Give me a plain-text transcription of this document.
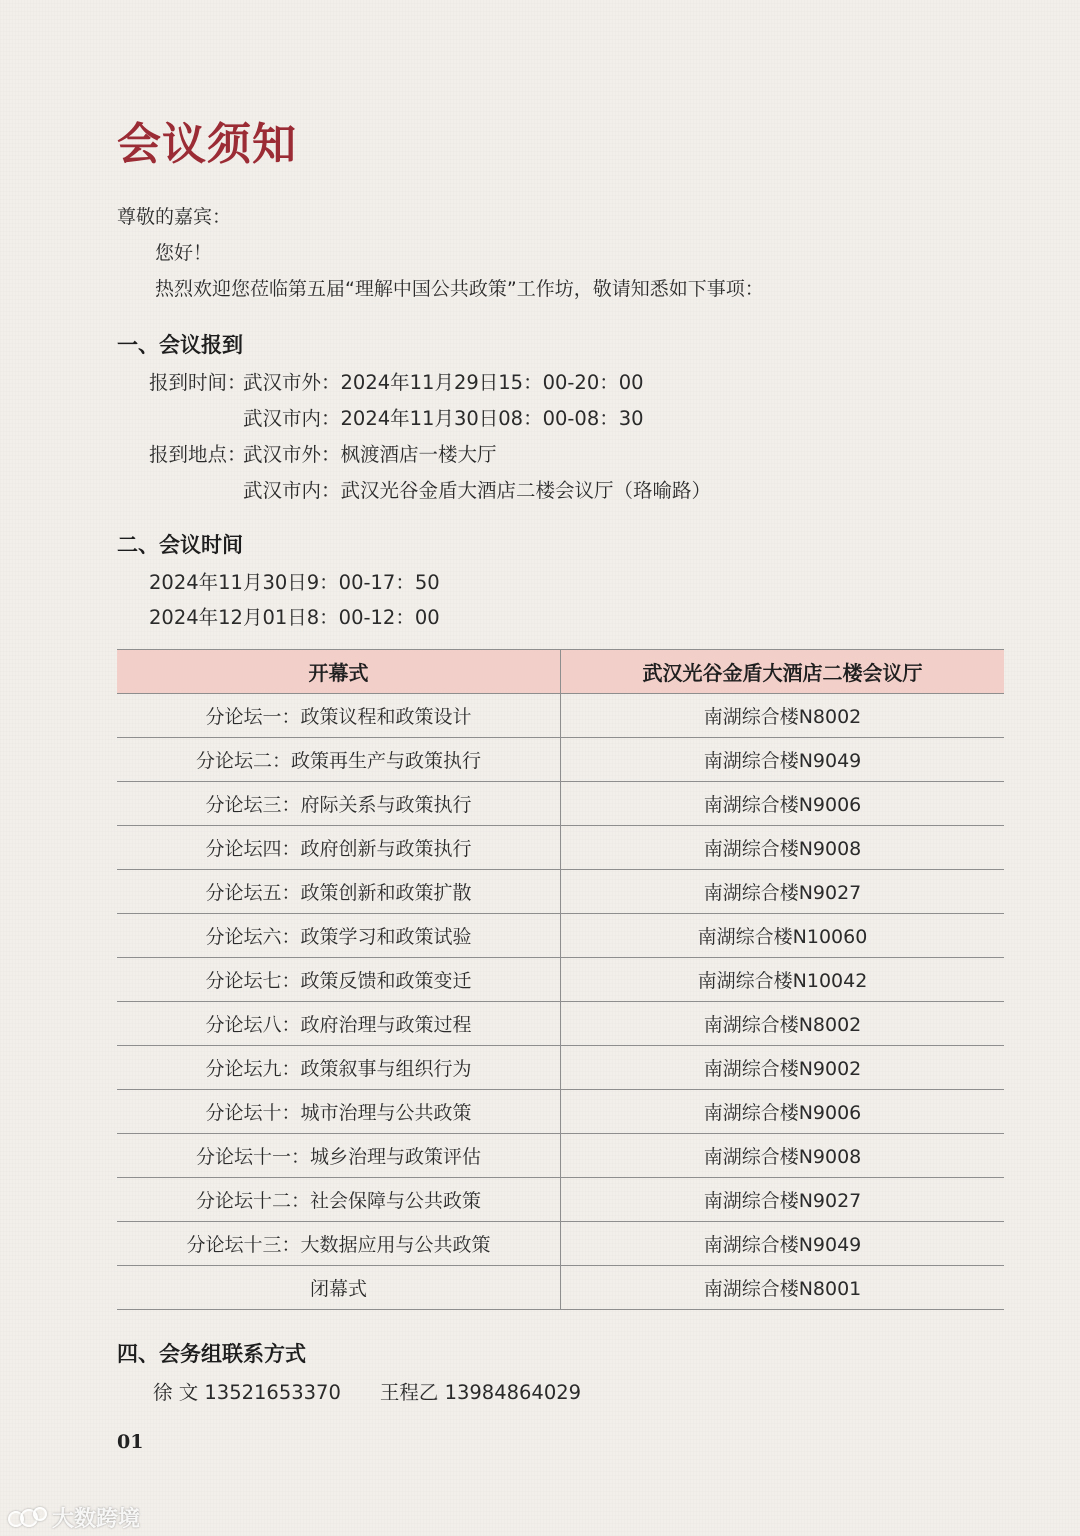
会议须知
尊敬的嘉宾：
您好！
热烈欢迎您莅临第五届“理解中国公共政策”工作坊，敬请知悉如下事项：
一、会议报到
报到时间：
武汉市外：2024年11月29日15：00-20：00
武汉市内：2024年11月30日08：00-08：30
报到地点：
武汉市外：枫渡酒店一楼大厅
武汉市内：武汉光谷金盾大酒店二楼会议厅（珞喻路）
二、会议时间
2024年11月30日9：00-17：50
2024年12月01日8：00-12：00
开幕式	武汉光谷金盾大酒店二楼会议厅
分论坛一：政策议程和政策设计	南湖综合楼N8002
分论坛二：政策再生产与政策执行	南湖综合楼N9049
分论坛三：府际关系与政策执行	南湖综合楼N9006
分论坛四：政府创新与政策执行	南湖综合楼N9008
分论坛五：政策创新和政策扩散	南湖综合楼N9027
分论坛六：政策学习和政策试验	南湖综合楼N10060
分论坛七：政策反馈和政策变迁	南湖综合楼N10042
分论坛八：政府治理与政策过程	南湖综合楼N8002
分论坛九：政策叙事与组织行为	南湖综合楼N9002
分论坛十：城市治理与公共政策	南湖综合楼N9006
分论坛十一：城乡治理与政策评估	南湖综合楼N9008
分论坛十二：社会保障与公共政策	南湖综合楼N9027
分论坛十三：大数据应用与公共政策	南湖综合楼N9049
闭幕式	南湖综合楼N8001
四、会务组联系方式
徐 文 13521653370　　王程乙 13984864029
01
大数跨境
